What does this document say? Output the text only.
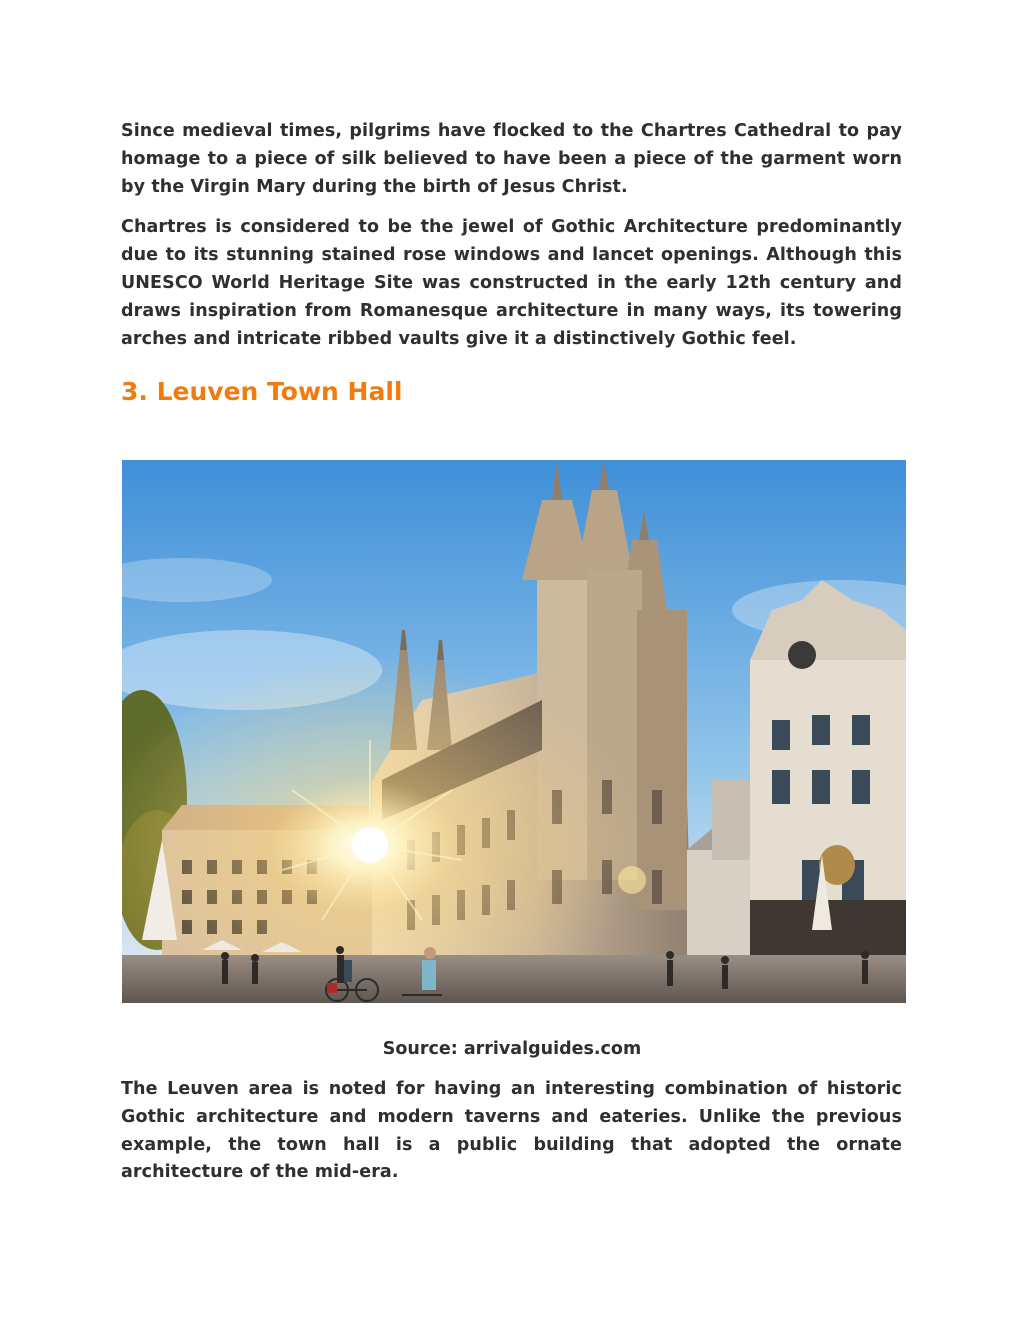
Since medieval times, pilgrims have flocked to the Chartres Cathedral to pay homage to a piece of silk believed to have been a piece of the garment worn by the Virgin Mary during the birth of Jesus Christ.

Chartres is considered to be the jewel of Gothic Architecture predominantly due to its stunning stained rose windows and lancet openings. Although this UNESCO World Heritage Site was constructed in the early 12th century and draws inspiration from Romanesque architecture in many ways, its towering arches and intricate ribbed vaults give it a distinctively Gothic feel.

3. Leuven Town Hall
Source: arrivalguides.com

The Leuven area is noted for having an interesting combination of historic Gothic architecture and modern taverns and eateries. Unlike the previous example, the town hall is a public building that adopted the ornate architecture of the mid-era.
